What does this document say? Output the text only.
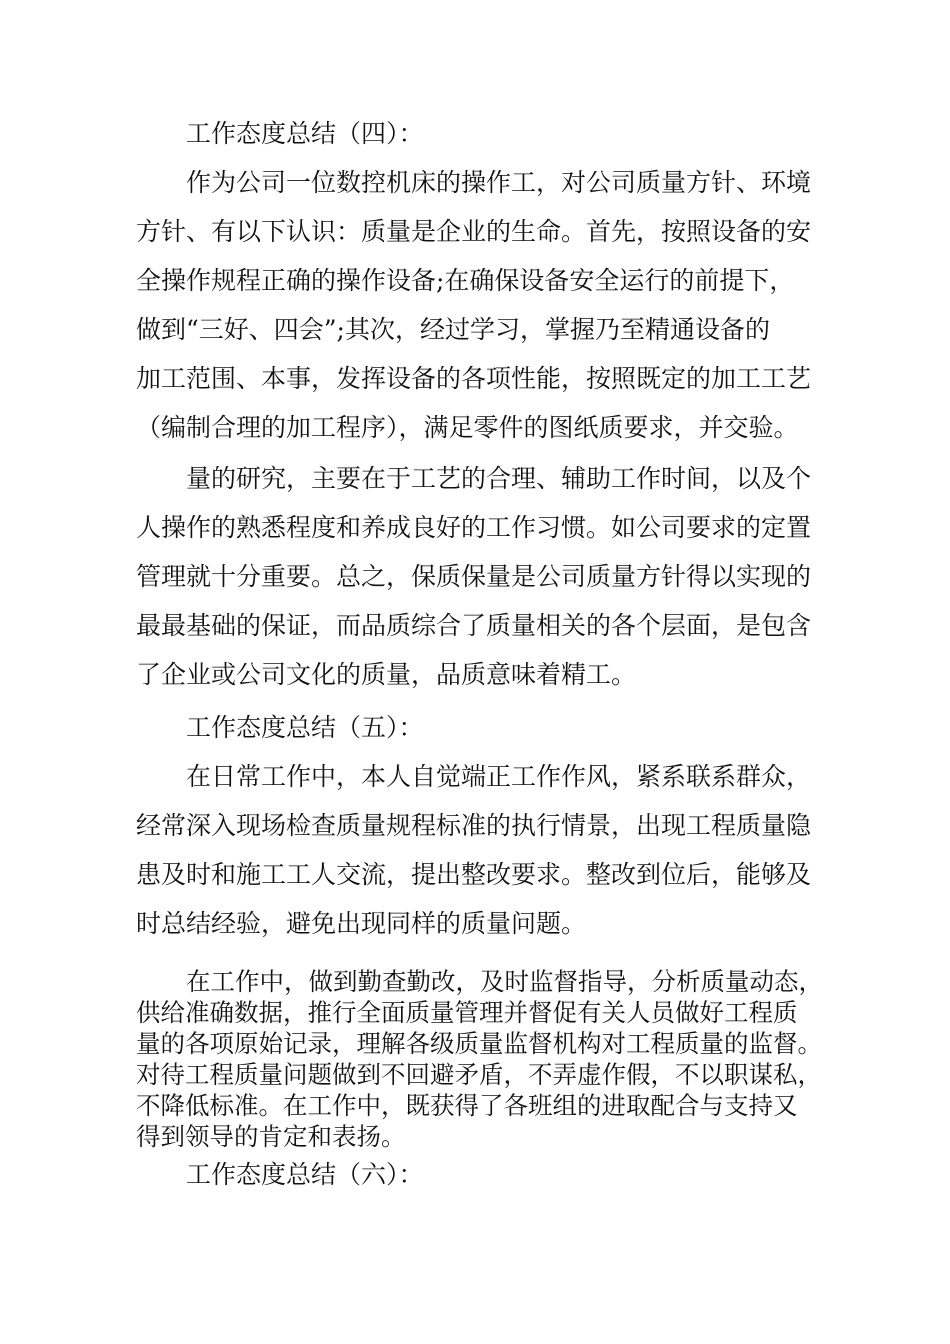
工作态度总结（四）：
作为公司一位数控机床的操作工，对公司质量方针、环境
方针、有以下认识：质量是企业的生命。首先，按照设备的安
全操作规程正确的操作设备;在确保设备安全运行的前提下，
做到“三好、四会”;其次，经过学习，掌握乃至精通设备的
加工范围、本事，发挥设备的各项性能，按照既定的加工工艺
（编制合理的加工程序），满足零件的图纸质要求，并交验。
量的研究，主要在于工艺的合理、辅助工作时间，以及个
人操作的熟悉程度和养成良好的工作习惯。如公司要求的定置
管理就十分重要。总之，保质保量是公司质量方针得以实现的
最最基础的保证，而品质综合了质量相关的各个层面，是包含
了企业或公司文化的质量，品质意味着精工。
工作态度总结（五）：
在日常工作中，本人自觉端正工作作风，紧系联系群众，
经常深入现场检查质量规程标准的执行情景，出现工程质量隐
患及时和施工工人交流，提出整改要求。整改到位后，能够及
时总结经验，避免出现同样的质量问题。
在工作中，做到勤查勤改，及时监督指导，分析质量动态，
供给准确数据，推行全面质量管理并督促有关人员做好工程质
量的各项原始记录，理解各级质量监督机构对工程质量的监督。
对待工程质量问题做到不回避矛盾，不弄虚作假，不以职谋私，
不降低标准。在工作中，既获得了各班组的进取配合与支持又
得到领导的肯定和表扬。
工作态度总结（六）：
